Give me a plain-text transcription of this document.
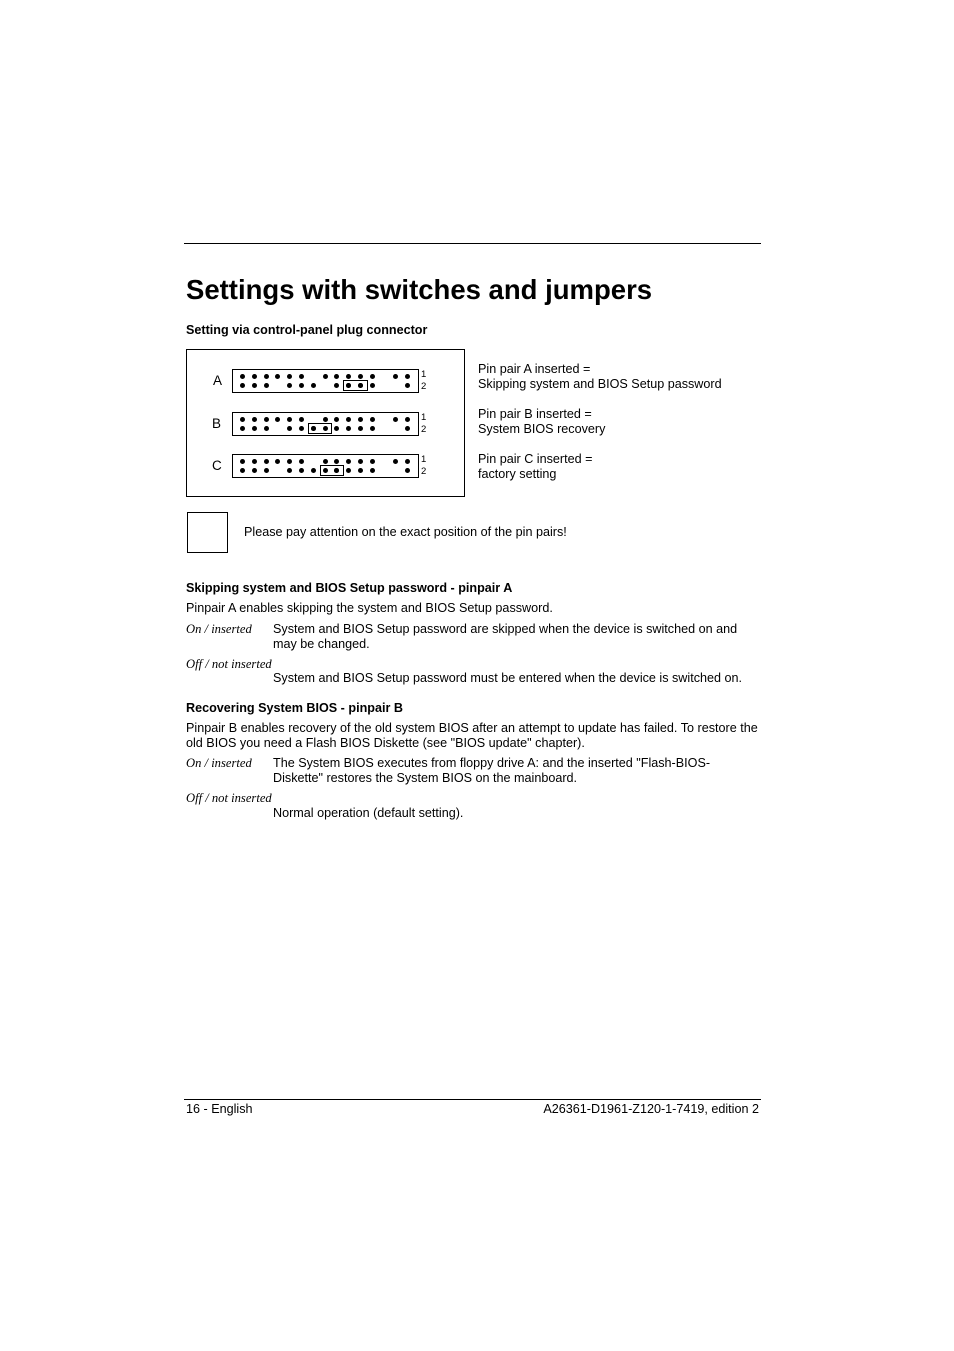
Settings with switches and jumpers
Setting via control-panel plug connector
A	1
2
B	1
2
C	1
2
Pin pair A inserted =
Skipping system and BIOS Setup password
Pin pair B inserted =
System BIOS recovery
Pin pair C inserted =
factory setting
Please pay attention on the exact position of the pin pairs!
Skipping system and BIOS Setup password - pinpair A
Pinpair A enables skipping the system and BIOS Setup password.
On / inserted System and BIOS Setup password are skipped when the device is switched on and may be changed.
Off / not inserted
System and BIOS Setup password must be entered when the device is switched on.
Recovering System BIOS - pinpair B
Pinpair B enables recovery of the old system BIOS after an attempt to update has failed. To restore the old BIOS you need a Flash BIOS Diskette (see "BIOS update" chapter).
On / inserted The System BIOS executes from floppy drive A: and the inserted "Flash-BIOS-Diskette" restores the System BIOS on the mainboard.
Off / not inserted
Normal operation (default setting).
16 - English	A26361-D1961-Z120-1-7419, edition 2
